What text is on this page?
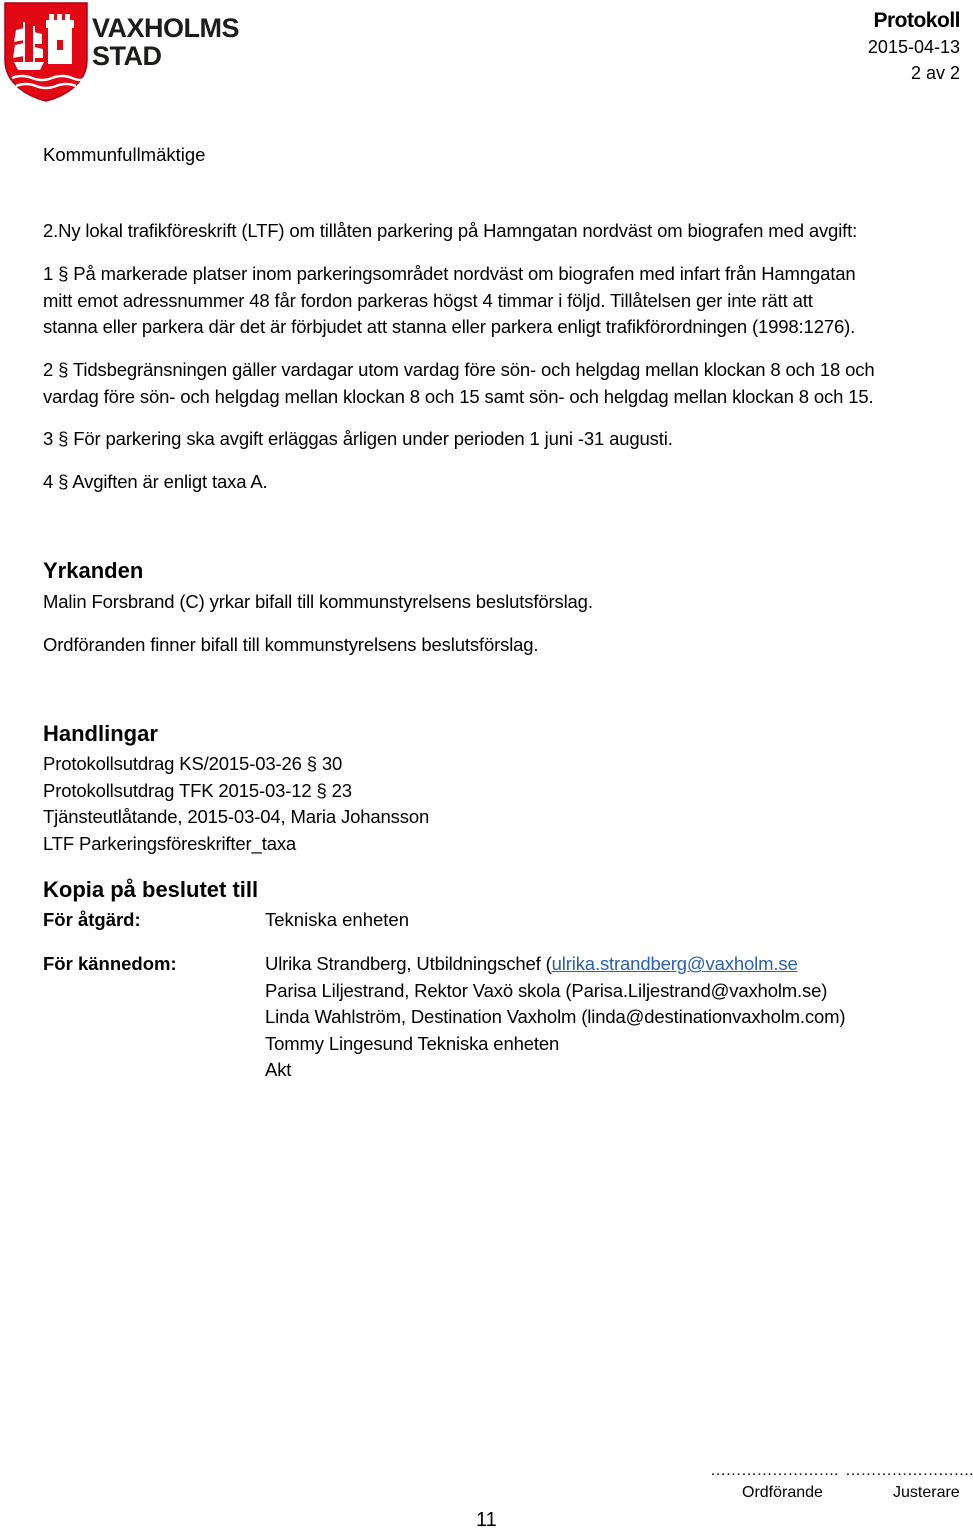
VAXHOLMS
STAD
Protokoll
2015-04-13
2 av 2

Kommunfullmäktige

2.Ny lokal trafikföreskrift (LTF) om tillåten parkering på Hamngatan nordväst om biografen med avgift:

1 § På markerade platser inom parkeringsområdet nordväst om biografen med infart från Hamngatan
mitt emot adressnummer 48 får fordon parkeras högst 4 timmar i följd. Tillåtelsen ger inte rätt att
stanna eller parkera där det är förbjudet att stanna eller parkera enligt trafikförordningen (1998:1276).
2 § Tidsbegränsningen gäller vardagar utom vardag före sön- och helgdag mellan klockan 8 och 18 och
vardag före sön- och helgdag mellan klockan 8 och 15 samt sön- och helgdag mellan klockan 8 och 15.

3 § För parkering ska avgift erläggas årligen under perioden 1 juni -31 augusti.

4 § Avgiften är enligt taxa A.

Yrkanden

Malin Forsbrand (C) yrkar bifall till kommunstyrelsens beslutsförslag.

Ordföranden finner bifall till kommunstyrelsens beslutsförslag.

Handlingar
Protokollsutdrag KS/2015-03-26 § 30
Protokollsutdrag TFK 2015-03-12 § 23
Tjänsteutlåtande, 2015-03-04, Maria Johansson
LTF Parkeringsföreskrifter_taxa
Kopia på beslutet till
För åtgärd:	Tekniska enheten
För kännedom:	Ulrika Strandberg, Utbildningschef (ulrika.strandberg@vaxholm.se
Parisa Liljestrand, Rektor Vaxö skola (Parisa.Liljestrand@vaxholm.se)
Linda Wahlström, Destination Vaxholm (linda@destinationvaxholm.com)
Tommy Lingesund Tekniska enheten
Akt
11
…………………….
Ordförande
…………………….
Justerare
